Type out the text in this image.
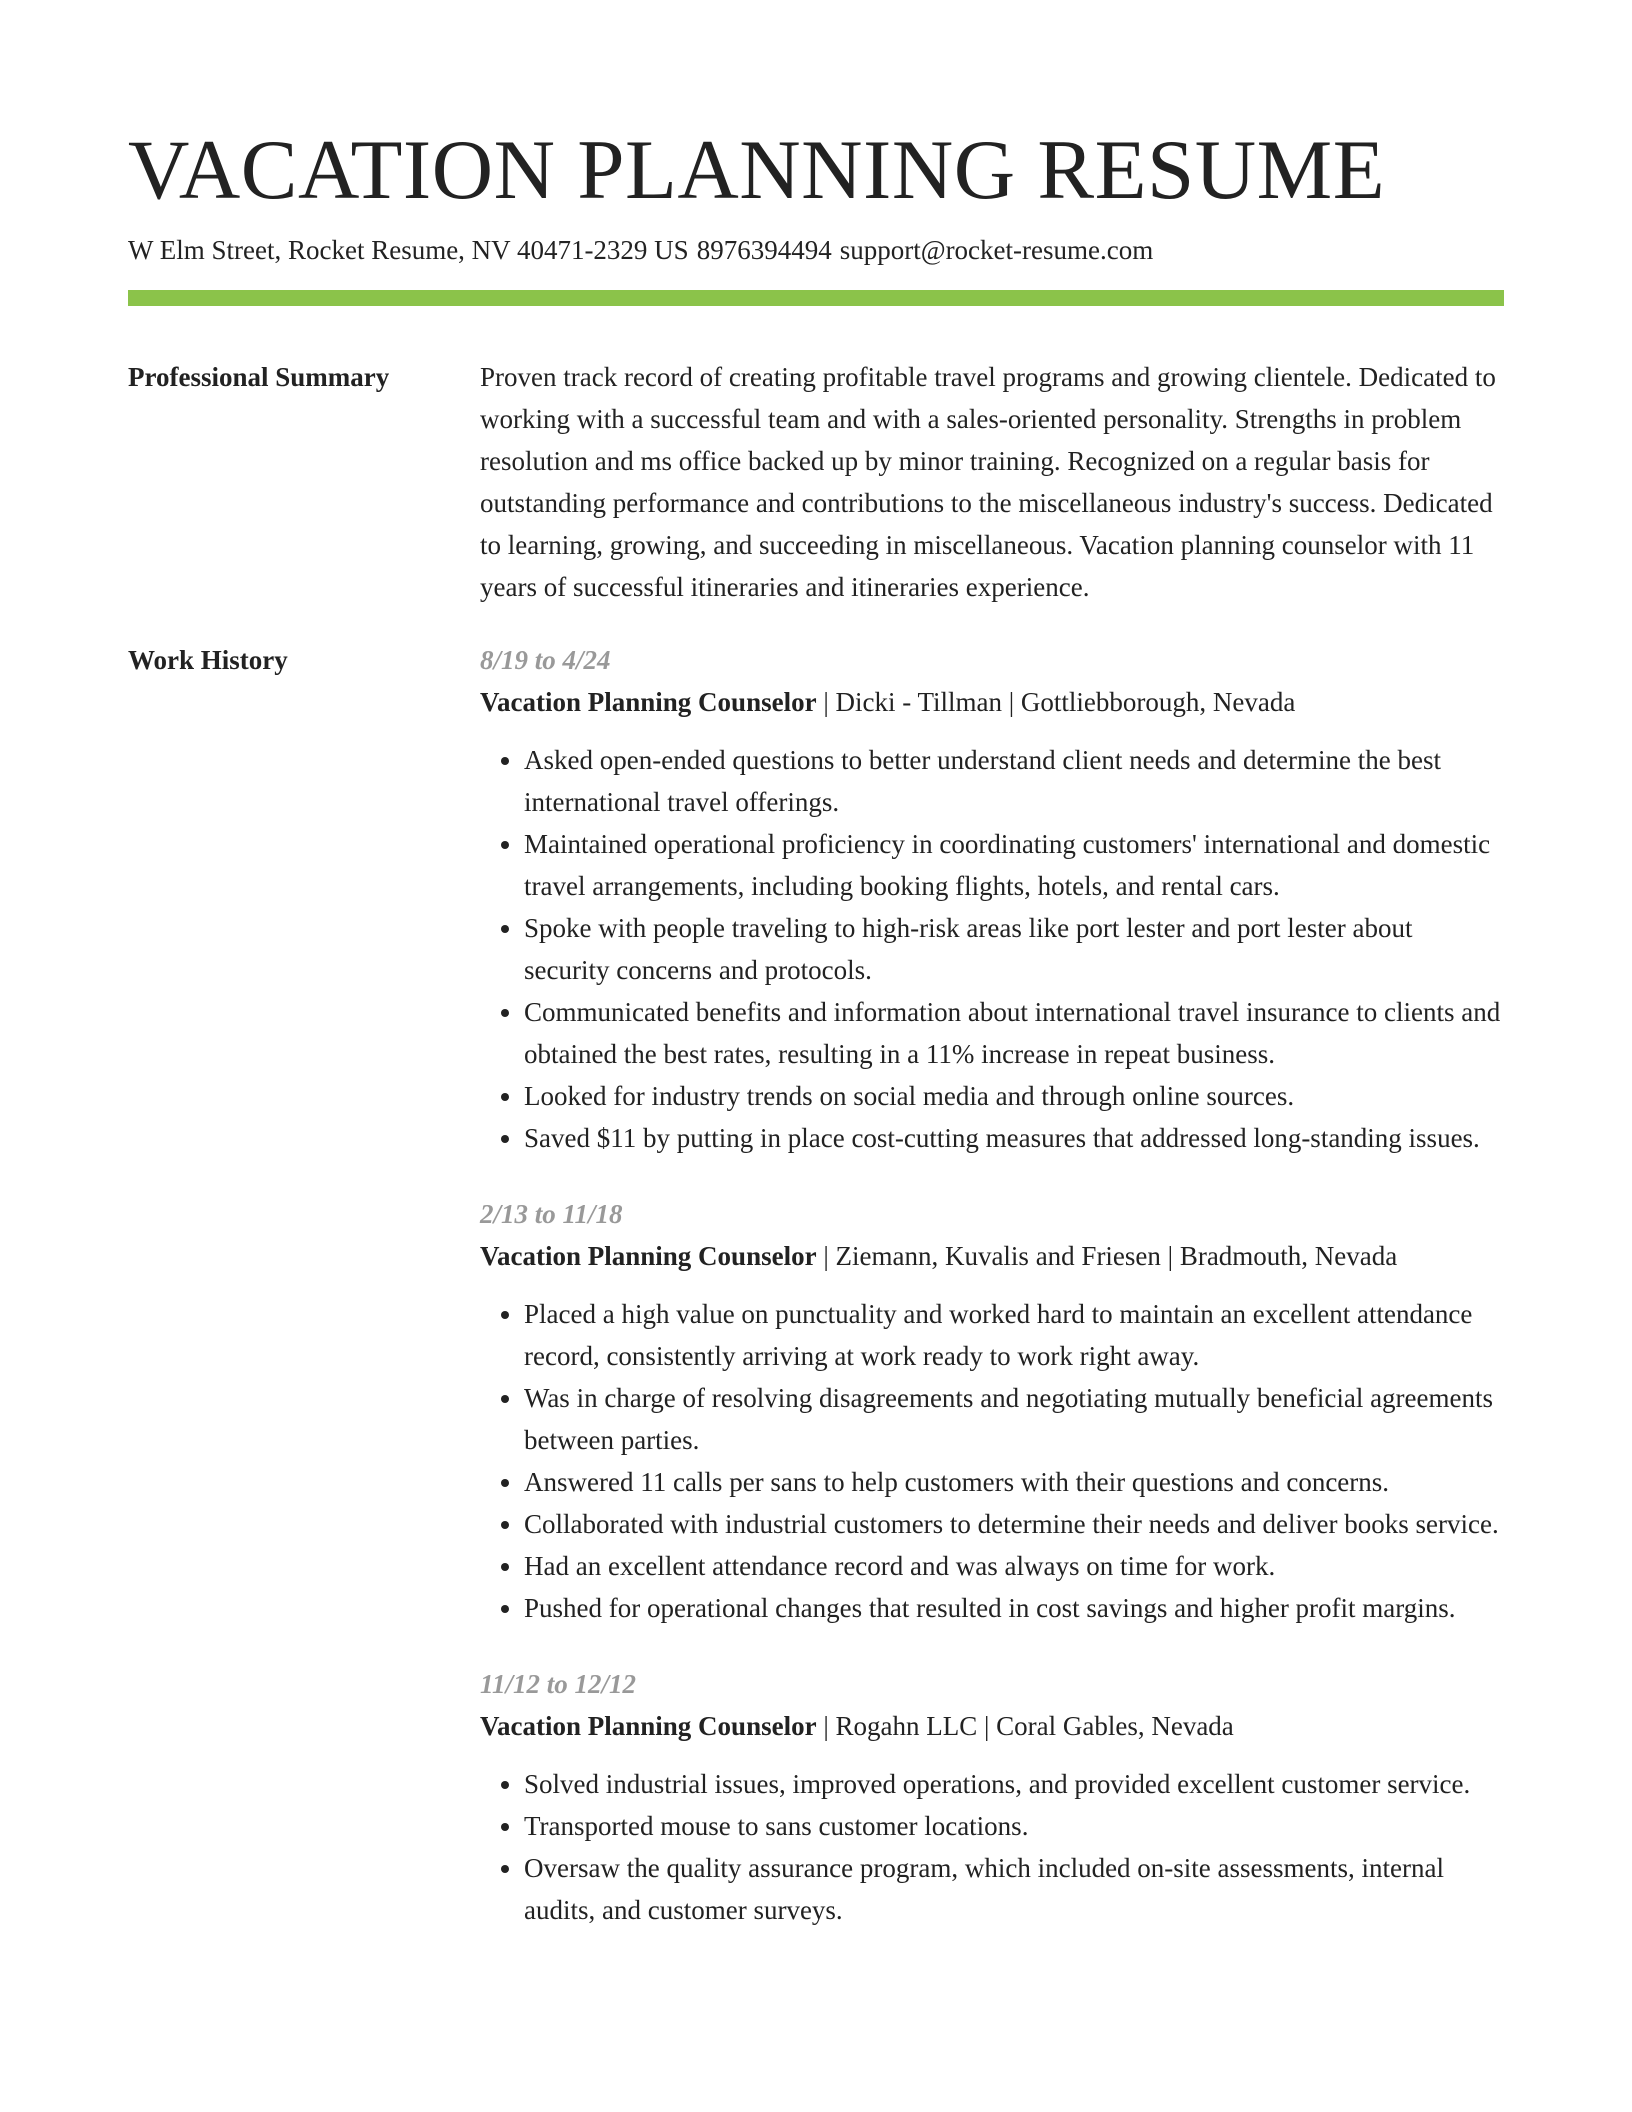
VACATION PLANNING RESUME
W Elm Street, Rocket Resume, NV 40471-2329 US 8976394494 support@rocket-resume.com
Professional Summary	Proven track record of creating profitable travel programs and growing clientele. Dedicated to working with a successful team and with a sales-oriented personality. Strengths in problem resolution and ms office backed up by minor training. Recognized on a regular basis for outstanding performance and contributions to the miscellaneous industry's success. Dedicated to learning, growing, and succeeding in miscellaneous. Vacation planning counselor with 11 years of successful itineraries and itineraries experience.
Work History	8/19 to 4/24
Vacation Planning Counselor | Dicki - Tillman | Gottliebborough, Nevada
• Asked open-ended questions to better understand client needs and determine the best international travel offerings.
• Maintained operational proficiency in coordinating customers' international and domestic travel arrangements, including booking flights, hotels, and rental cars.
• Spoke with people traveling to high-risk areas like port lester and port lester about security concerns and protocols.
• Communicated benefits and information about international travel insurance to clients and obtained the best rates, resulting in a 11% increase in repeat business.
• Looked for industry trends on social media and through online sources.
• Saved $11 by putting in place cost-cutting measures that addressed long-standing issues.
2/13 to 11/18
Vacation Planning Counselor | Ziemann, Kuvalis and Friesen | Bradmouth, Nevada
• Placed a high value on punctuality and worked hard to maintain an excellent attendance record, consistently arriving at work ready to work right away.
• Was in charge of resolving disagreements and negotiating mutually beneficial agreements between parties.
• Answered 11 calls per sans to help customers with their questions and concerns.
• Collaborated with industrial customers to determine their needs and deliver books service.
• Had an excellent attendance record and was always on time for work.
• Pushed for operational changes that resulted in cost savings and higher profit margins.
11/12 to 12/12
Vacation Planning Counselor | Rogahn LLC | Coral Gables, Nevada
• Solved industrial issues, improved operations, and provided excellent customer service.
• Transported mouse to sans customer locations.
• Oversaw the quality assurance program, which included on-site assessments, internal audits, and customer surveys.
